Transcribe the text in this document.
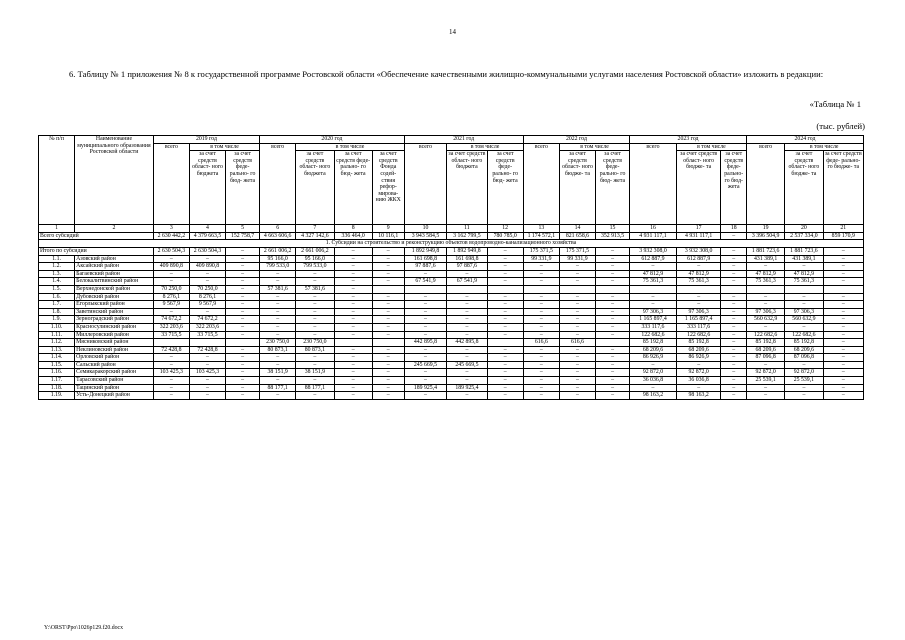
14
6. Таблицу № 1 приложения № 8 к государственной программе Ростовской области «Обеспечение качественными жилищно-коммунальными услугами населения Ростовской области» изложить в редакции:
«Таблица № 1
(тыс. рублей)
№ п/п	Наименование муниципального образования Ростовской области	2019 год			2020 год				2021 год			2022 год			2023 год			2024 год		
		всего	в том числе		всего	в том числе			всего	в том числе		всего	в том числе		всего	в том числе		всего	в том числе	
			за счет средств област- ного бюджета	за счет средств феде- рально- го бюд- жета		за счет средств област- ного бюджета	за счет средств феде- рально- го бюд- жета	за счет средств Фонда содей- ствия рефор- мирова- нию ЖКХ		за счет средств област- ного бюджета	за счет средств феде- рально- го бюд- жета		за счет средств област- ного бюдже- та	за счет средств феде- рально- го бюд- жета		за счет средств област- ного бюдже- та	за счет средств феде- рально- го бюд- жета		за счет средств област- ного бюдже- та	за счет средств феде- рально- го бюдже- та
1	2	3	4	5	6	7	8	9	10	11	12	13	14	15	16	17	18	19	20	21
Всего субсидий		2 630 442,2	4 379 663,5	152 758,7	4 663 606,6	4 327 142,6	336 464,0	10 116,1	3 943 584,5	3 162 799,5	780 785,0	1 174 572,1	821 658,6	352 913,5	4 931 117,1	4 931 117,1	–	3 396 504,9	2 537 334,0	859 170,9
1. Субсидии на строительство и реконструкцию объектов водопроводно-канализационного хозяйства																				
Итого по субсидии		2 630 504,3	2 630 504,3	–	2 661 006,2	2 661 006,2	–	–	1 892 949,8	1 892 949,8	–	175 371,5	175 371,5	–	3 932 308,0	3 932 308,0	–	1 881 723,6	1 881 723,6	–
1.1.	Азовский район	–	–	–	95 166,0	95 166,0	–	–	161 698,8	161 698,8	–	99 331,9	99 331,9	–	612 887,9	612 887,9	–	431 389,1	431 389,1	–
1.2.	Аксайский район	409 890,8	409 890,8	–	799 533,0	799 533,0	–	–	97 887,6	97 887,6	–	–	–	–	–	–	–	–	–	–
1.3.	Багаевский район	–	–	–	–	–	–	–	–	–	–	–	–	–	47 812,9	47 812,9	–	47 812,9	47 812,9	–
1.4.	Белокалитвинский район	–	–	–	–	–	–	–	67 541,9	67 541,9	–	–	–	–	75 361,3	75 361,3	–	75 361,3	75 361,3	–
1.5.	Верхнедонской район	70 250,0	70 250,0	–	57 381,6	57 381,6	–													
1.6.	Дубовский район	8 276,1	8 276,1	–	–	–	–	–	–	–	–	–	–	–	–	–	–	–	–	–
1.7.	Егорлыкский район	9 567,9	9 567,9	–	–	–	–	–	–	–	–	–	–	–	–	–	–	–	–	–
1.8.	Заветинский район	–	–	–	–	–	–	–	–	–	–	–	–	–	97 306,3	97 306,3	–	97 306,3	97 306,3	–
1.9.	Зерноградский район	74 672,2	74 672,2	–	–	–	–	–	–	–	–	–	–	–	1 165 897,4	1 165 897,4	–	560 632,9	560 632,9	–
1.10.	Красносулинский район	322 203,6	322 203,6	–	–	–	–	–	–	–	–	–	–	–	333 117,6	333 117,6	–	–	–	–
1.11.	Миллеровский район	33 715,5	33 715,5	–	–	–	–	–	–	–	–	–	–	–	122 682,6	122 682,6	–	122 682,6	122 682,6	–
1.12.	Мясниковский район				230 750,0	230 750,0			442 895,8	442 895,8		616,6	616,6		85 192,8	85 192,8	–	85 192,8	85 192,8	–
1.13.	Неклиновский район	72 428,8	72 428,8	–	80 873,1	80 873,1	–	–	–	–	–	–	–	–	68 209,6	68 209,6	–	68 209,6	68 209,6	–
1.14.	Орловский район	–	–	–	–	–	–	–	–	–	–	–	–	–	86 926,9	86 926,9	–	87 096,8	87 096,8	–
1.15.	Сальский район	–	–	–	–	–	–	–	245 669,5	245 669,5	–	–	–	–	–	–	–	–	–	–
1.16.	Семикаракорский район	103 425,3	103 425,3	–	38 151,9	38 151,9	–	–	–	–	–	–	–	–	92 872,0	92 872,0	–	92 872,0	92 872,0	–
1.17.	Тарасовский район	–	–	–	–	–	–	–	–	–	–	–	–	–	36 036,8	36 036,8	–	25 539,1	25 539,1	–
1.18.	Тацинский район	–	–	–	88 177,1	88 177,1	–	–	189 925,4	189 925,4	–	–	–	–	–	–	–	–	–	–
1.19.	Усть-Донецкий район	–	–	–	–	–	–	–	–	–	–	–	–	–	98 163,2	98 163,2	–	–	–	–
Y:\ORST\Ppo\1026p129.f20.docx
